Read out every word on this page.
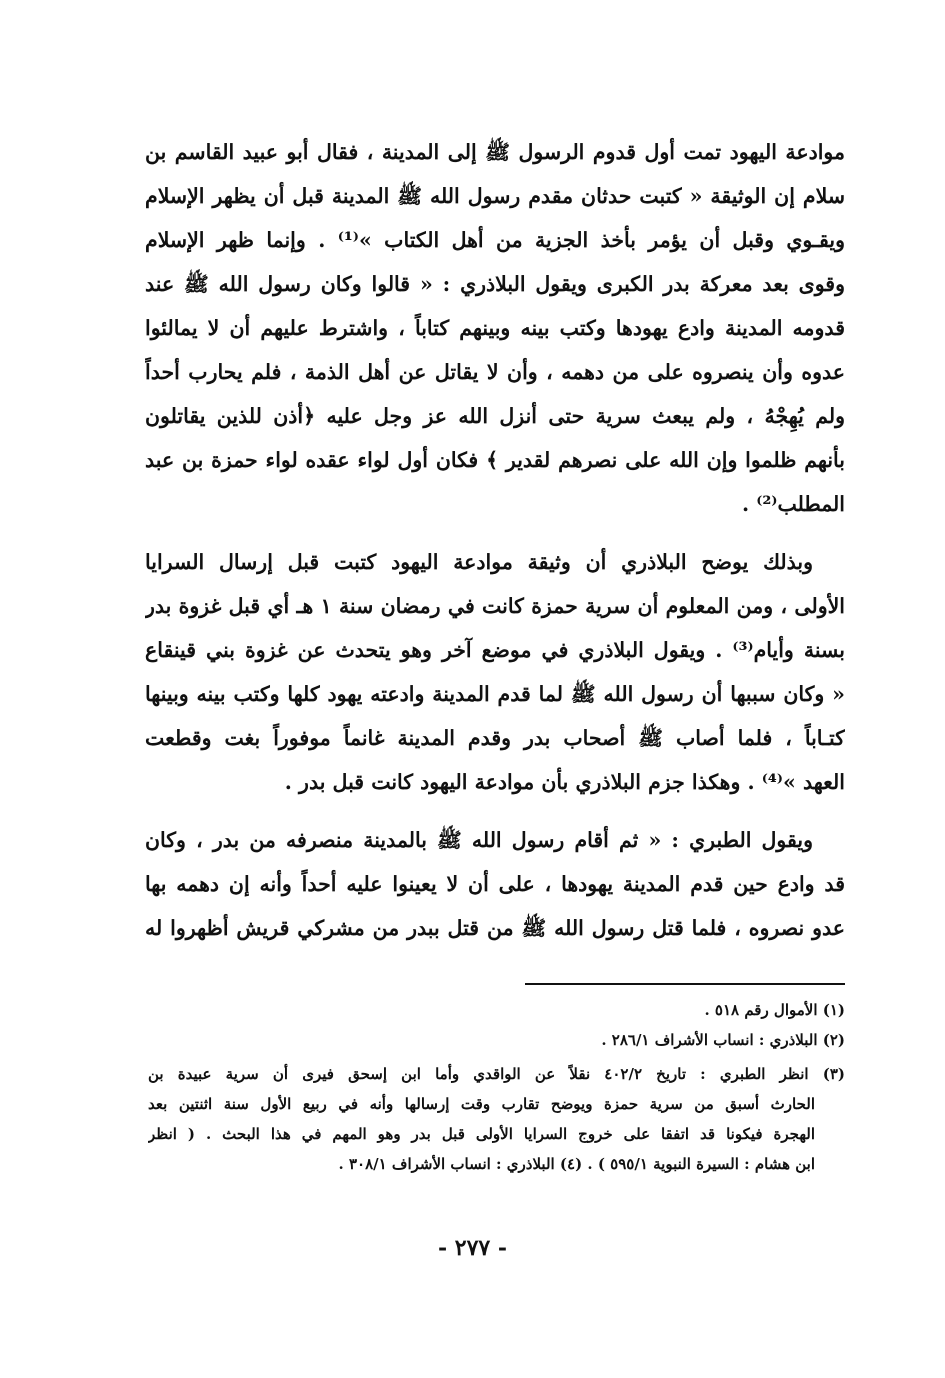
موادعة اليهود تمت أول قدوم الرسول ﷺ إلى المدينة ، فقال أبو عبيد القاسم بن
سلام إن الوثيقة « كتبت حدثان مقدم رسول الله ﷺ المدينة قبل أن يظهر الإسلام
ويقـوي وقبل أن يؤمر بأخذ الجزية من أهل الكتاب »⁽¹⁾ . وإنما ظهر الإسلام
وقوى بعد معركة بدر الكبرى ويقول البلاذري : « قالوا وكان رسول الله ﷺ عند
قدومه المدينة وادع يهودها وكتب بينه وبينهم كتاباً ، واشترط عليهم أن لا يمالئوا
عدوه وأن ينصروه على من دهمه ، وأن لا يقاتل عن أهل الذمة ، فلم يحارب أحداً
ولم يُهِجْهُ ، ولم يبعث سرية حتى أنزل الله عز وجل عليه ﴿أذن للذين يقاتلون
بأنهم ظلموا وإن الله على نصرهم لقدير ﴾ فكان أول لواء عقده لواء حمزة بن عبد
المطلب⁽²⁾ .
وبذلك يوضح البلاذري أن وثيقة موادعة اليهود كتبت قبل إرسال السرايا
الأولى ، ومن المعلوم أن سرية حمزة كانت في رمضان سنة ١ هـ أي قبل غزوة بدر
بسنة وأيام⁽³⁾ . ويقول البلاذري في موضع آخر وهو يتحدث عن غزوة بني قينقاع
« وكان سببها أن رسول الله ﷺ لما قدم المدينة وادعته يهود كلها وكتب بينه وبينها
كتـاباً ، فلما أصاب ﷺ أصحاب بدر وقدم المدينة غانماً موفوراً بغت وقطعت
العهد »⁽⁴⁾ . وهكذا جزم البلاذري بأن موادعة اليهود كانت قبل بدر .
ويقول الطبري : « ثم أقام رسول الله ﷺ بالمدينة منصرفه من بدر ، وكان
قد وادع حين قدم المدينة يهودها ، على أن لا يعينوا عليه أحداً وأنه إن دهمه بها
عدو نصروه ، فلما قتل رسول الله ﷺ من قتل ببدر من مشركي قريش أظهروا له
(١) الأموال رقم ٥١٨ .
(٢) البلاذري : انساب الأشراف ٢٨٦/١ .
(٣) انظر الطبري : تاريخ ٤٠٢/٢ نقلاً عن الواقدي وأما ابن إسحق فيرى أن سرية عبيدة بن
الحارث أسبق من سرية حمزة ويوضح تقارب وقت إرسالها وأنه في ربيع الأول سنة اثنتين بعد
الهجرة فيكونا قد اتفقا على خروج السرايا الأولى قبل بدر وهو المهم في هذا البحث . ( انظر
ابن هشام : السيرة النبوية ٥٩٥/١ ) . (٤) البلاذري : انساب الأشراف ٣٠٨/١ .
- ٢٧٧ -
